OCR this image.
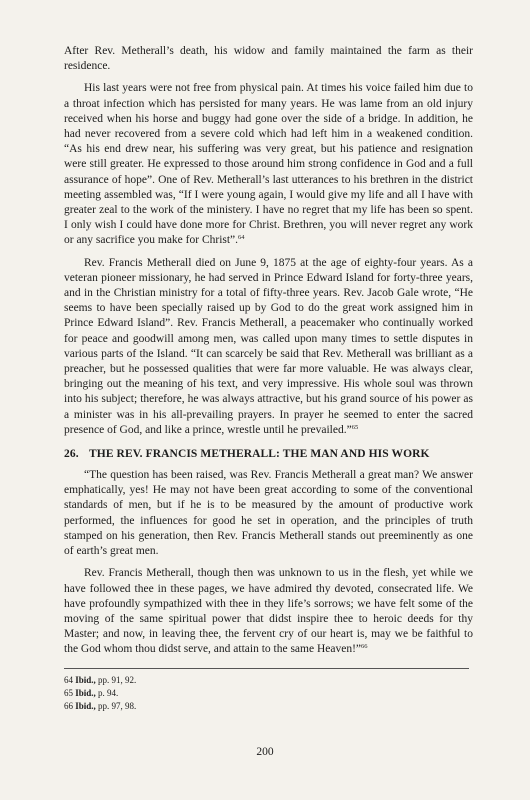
After Rev. Metherall’s death, his widow and family maintained the farm as their residence.

His last years were not free from physical pain. At times his voice failed him due to a throat infection which has persisted for many years. He was lame from an old injury received when his horse and buggy had gone over the side of a bridge. In addition, he had never recovered from a severe cold which had left him in a weakened condition. “As his end drew near, his suffering was very great, but his patience and resignation were still greater. He expressed to those around him strong confidence in God and a full assurance of hope”. One of Rev. Metherall’s last utterances to his brethren in the district meeting assembled was, “If I were young again, I would give my life and all I have with greater zeal to the work of the ministery. I have no regret that my life has been so spent. I only wish I could have done more for Christ. Brethren, you will never regret any work or any sacrifice you make for Christ”.$^{64}$

Rev. Francis Metherall died on June 9, 1875 at the age of eighty-four years. As a veteran pioneer missionary, he had served in Prince Edward Island for forty-three years, and in the Christian ministry for a total of fifty-three years. Rev. Jacob Gale wrote, “He seems to have been specially raised up by God to do the great work assigned him in Prince Edward Island”. Rev. Francis Metherall, a peacemaker who continually worked for peace and goodwill among men, was called upon many times to settle disputes in various parts of the Island. “It can scarcely be said that Rev. Metherall was brilliant as a preacher, but he possessed qualities that were far more valuable. He was always clear, bringing out the meaning of his text, and very impressive. His whole soul was thrown into his subject; therefore, he was always attractive, but his grand source of his power as a minister was in his all-prevailing prayers. In prayer he seemed to enter the sacred presence of God, and like a prince, wrestle until he prevailed.”$^{65}$

26. THE REV. FRANCIS METHERALL: THE MAN AND HIS WORK

“The question has been raised, was Rev. Francis Metherall a great man? We answer emphatically, yes! He may not have been great according to some of the conventional standards of men, but if he is to be measured by the amount of productive work performed, the influences for good he set in operation, and the principles of truth stamped on his generation, then Rev. Francis Metherall stands out preeminently as one of earth’s great men.

Rev. Francis Metherall, though then was unknown to us in the flesh, yet while we have followed thee in these pages, we have admired thy devoted, consecrated life. We have profoundly sympathized with thee in they life’s sorrows; we have felt some of the moving of the same spiritual power that didst inspire thee to heroic deeds for thy Master; and now, in leaving thee, the fervent cry of our heart is, may we be faithful to the God whom thou didst serve, and attain to the same Heaven!”$^{66}$

64 Ibid., pp. 91, 92.
65 Ibid., p. 94.
66 Ibid., pp. 97, 98.
200
